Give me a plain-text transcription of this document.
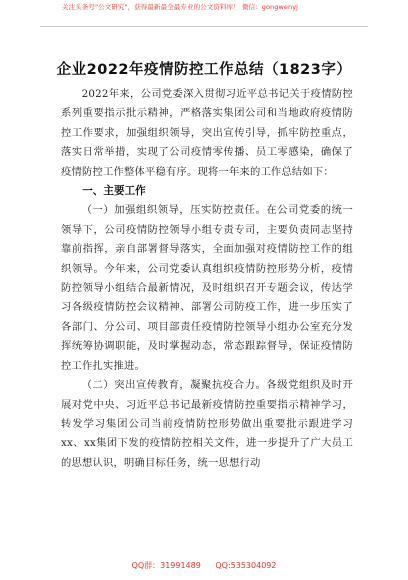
关注头条号"公文研究"，获得最新最全最专业的公文资料库！ 微信：gongwenyj
企业2022年疫情防控工作总结（1823字）

2022年来，公司党委深入贯彻习近平总书记关于疫情防控系列重要指示批示精神，严格落实集团公司和当地政府疫情防控工作要求，加强组织领导，突出宣传引导，抓牢防控重点，落实日常举措，实现了公司疫情零传播、员工零感染，确保了疫情防控工作整体平稳有序。现将一年来的工作总结如下：

一、主要工作

（一）加强组织领导，压实防控责任。在公司党委的统一领导下，公司疫情防控领导小组专责专司，主要负责同志坚持靠前指挥，亲自部署督导落实，全面加强对疫情防控工作的组织领导。今年来，公司党委认真组织疫情防控形势分析，疫情防控领导小组结合最新情况，及时组织召开专题会议，传达学习各级疫情防控会议精神、部署公司防疫工作，进一步压实了各部门、分公司、项目部责任疫情防控领导小组办公室充分发挥统筹协调职能，及时掌握动态，常态跟踪督导，保证疫情防控工作扎实推进。

（二）突出宣传教育，凝聚抗疫合力。各级党组织及时开展对党中央、习近平总书记最新疫情防控重要指示精神学习，转发学习集团公司当前疫情防控形势做出重要批示跟进学习xx、xx集团下发的疫情防控相关文件，进一步提升了广大员工的思想认识，明确目标任务，统一思想行动

QQ群：31991489 QQ:535304092
